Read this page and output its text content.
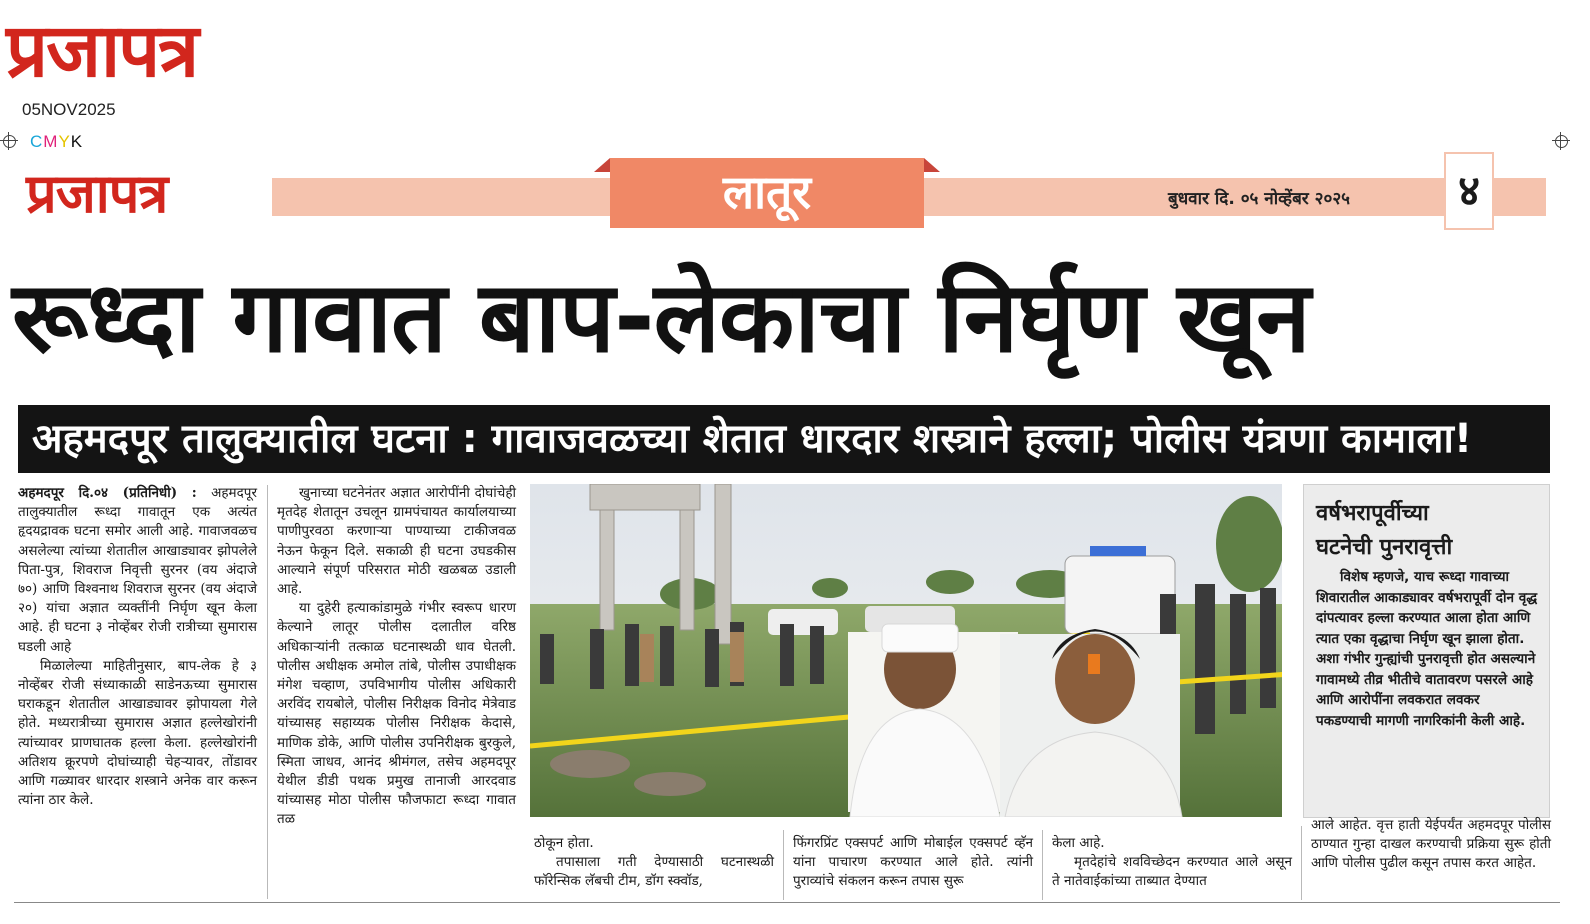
प्रजापत्र
05NOV2025
CMYK
प्रजापत्र	लातूर	बुधवार दि. ०५ नोव्हेंबर २०२५	४
रूध्दा गावात बाप-लेकाचा निर्घृण खून
अहमदपूर तालुक्यातील घटना : गावाजवळच्या शेतात धारदार शस्त्राने हल्ला; पोलीस यंत्रणा कामाला!

अहमदपूर दि.०४ (प्रतिनिधी) : अहमदपूर तालुक्यातील रूध्दा गावातून एक अत्यंत हृदयद्रावक घटना समोर आली आहे. गावाजवळच असलेल्या त्यांच्या शेतातील आखाड्यावर झोपलेले पिता-पुत्र, शिवराज निवृत्ती सुरनर (वय अंदाजे ७०) आणि विश्वनाथ शिवराज सुरनर (वय अंदाजे २०) यांचा अज्ञात व्यक्तींनी निर्घृण खून केला आहे. ही घटना ३ नोव्हेंबर रोजी रात्रीच्या सुमारास घडली आहे

मिळालेल्या माहितीनुसार, बाप-लेक हे ३ नोव्हेंबर रोजी संध्याकाळी साडेनऊच्या सुमारास घराकडून शेतातील आखाड्यावर झोपायला गेले होते. मध्यरात्रीच्या सुमारास अज्ञात हल्लेखोरांनी त्यांच्यावर प्राणघातक हल्ला केला. हल्लेखोरांनी अतिशय क्रूरपणे दोघांच्याही चेहऱ्यावर, तोंडावर आणि गळ्यावर धारदार शस्त्राने अनेक वार करून त्यांना ठार केले.

खुनाच्या घटनेनंतर अज्ञात आरोपींनी दोघांचेही मृतदेह शेतातून उचलून ग्रामपंचायत कार्यालयाच्या पाणीपुरवठा करणाऱ्या पाण्याच्या टाकीजवळ नेऊन फेकून दिले. सकाळी ही घटना उघडकीस आल्याने संपूर्ण परिसरात मोठी खळबळ उडाली आहे.

या दुहेरी हत्याकांडामुळे गंभीर स्वरूप धारण केल्याने लातूर पोलीस दलातील वरिष्ठ अधिकाऱ्यांनी तत्काळ घटनास्थळी धाव घेतली. पोलीस अधीक्षक अमोल तांबे, पोलीस उपाधीक्षक मंगेश चव्हाण, उपविभागीय पोलीस अधिकारी अरविंद रायबोले, पोलीस निरीक्षक विनोद मेत्रेवाड यांच्यासह सहाय्यक पोलीस निरीक्षक केदासे, माणिक डोके, आणि पोलीस उपनिरीक्षक बुरकुले, स्मिता जाधव, आनंद श्रीमंगल, तसेच अहमदपूर येथील डीडी पथक प्रमुख तानाजी आरदवाड यांच्यासह मोठा पोलीस फौजफाटा रूध्दा गावात तळ

वर्षभरापूर्वीच्या
घटनेची पुनरावृत्ती
विशेष म्हणजे, याच रूध्दा गावाच्या शिवारातील आकाड्यावर वर्षभरापूर्वी दोन वृद्ध दांपत्यावर हल्ला करण्यात आला होता आणि त्यात एका वृद्धाचा निर्घृण खून झाला होता. अशा गंभीर गुन्ह्यांची पुनरावृत्ती होत असल्याने गावामध्ये तीव्र भीतीचे वातावरण पसरले आहे आणि आरोपींना लवकरात लवकर पकडण्याची मागणी नागरिकांनी केली आहे.

ठोकून होता.

तपासाला गती देण्यासाठी घटनास्थळी फॉरेन्सिक लॅबची टीम, डॉग स्क्वॉड,

फिंगरप्रिंट एक्सपर्ट आणि मोबाईल एक्सपर्ट व्हॅन यांना पाचारण करण्यात आले होते. त्यांनी पुराव्यांचे संकलन करून तपास सुरू

केला आहे.

मृतदेहांचे शवविच्छेदन करण्यात आले असून ते नातेवाईकांच्या ताब्यात देण्यात

आले आहेत. वृत्त हाती येईपर्यंत अहमदपूर पोलीस ठाण्यात गुन्हा दाखल करण्याची प्रक्रिया सुरू होती आणि पोलीस पुढील कसून तपास करत आहेत.
